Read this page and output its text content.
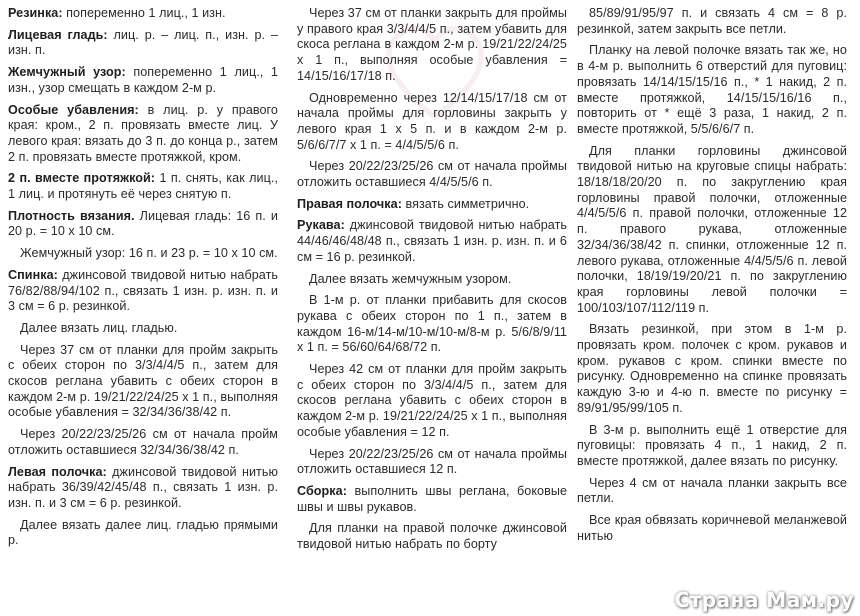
Резинка: попеременно 1 лиц., 1 изн.

Лицевая гладь: лиц. р. – лиц. п., изн. р. – изн. п.

Жемчужный узор: попеременно 1 лиц., 1 изн., узор смещать в каждом 2-м р.

Особые убавления: в лиц. р. у правого края: кром., 2 п. провязать вместе лиц. У левого края: вязать до 3 п. до конца р., затем 2 п. провязать вместе протяжкой, кром.

2 п. вместе протяжкой: 1 п. снять, как лиц., 1 лиц. и протянуть её через снятую п.

Плотность вязания. Лицевая гладь: 16 п. и 20 р. = 10 х 10 см.

Жемчужный узор: 16 п. и 23 р. = 10 х 10 см.

Спинка: джинсовой твидовой нитью набрать 76/82/88/94/102 п., связать 1 изн. р. изн. п. и 3 см = 6 р. резинкой.

Далее вязать лиц. гладью.

Через 37 см от планки для пройм закрыть с обеих сторон по 3/3/4/4/5 п., затем для скосов реглана убавить с обеих сторон в каждом 2-м р. 19/21/22/24/25 х 1 п., выполняя особые убавления = 32/34/36/38/42 п.

Через 20/22/23/25/26 см от начала пройм отложить оставшиеся 32/34/36/38/42 п.

Левая полочка: джинсовой твидовой нитью набрать 36/39/42/45/48 п., связать 1 изн. р. изн. п. и 3 см = 6 р. резинкой.

Далее вязать далее лиц. гладью прямыми р.

Через 37 см от планки закрыть для проймы у правого края 3/3/4/4/5 п., затем убавить для скоса реглана в каждом 2-м р. 19/21/22/24/25 х 1 п., выполняя особые убавления = 14/15/16/17/18 п.

Одновременно через 12/14/15/17/18 см от начала проймы для горловины закрыть у левого края 1 х 5 п. и в каждом 2-м р. 5/6/6/7/7 х 1 п. = 4/4/5/5/6 п.

Через 20/22/23/25/26 см от начала проймы отложить оставшиеся 4/4/5/5/6 п.

Правая полочка: вязать симметрично.

Рукава: джинсовой твидовой нитью набрать 44/46/46/48/48 п., связать 1 изн. р. изн. п. и 6 см = 16 р. резинкой.

Далее вязать жемчужным узором.

В 1-м р. от планки прибавить для скосов рукава с обеих сторон по 1 п., затем в каждом 16-м/14-м/10-м/10-м/8-м р. 5/6/8/9/11 х 1 п. = 56/60/64/68/72 п.

Через 42 см от планки для пройм закрыть с обеих сторон по 3/3/4/4/5 п., затем для скосов реглана убавить с обеих сторон в каждом 2-м р. 19/21/22/24/25 х 1 п., выполняя особые убавления = 12 п.

Через 20/22/23/25/26 см от начала проймы отложить оставшиеся 12 п.

Сборка: выполнить швы реглана, боковые швы и швы рукавов.

Для планки на правой полочке джинсовой твидовой нитью набрать по борту

85/89/91/95/97 п. и связать 4 см = 8 р. резинкой, затем закрыть все петли.

Планку на левой полочке вязать так же, но в 4-м р. выполнить 6 отверстий для пуговиц: провязать 14/14/15/15/16 п., * 1 накид, 2 п. вместе протяжкой, 14/15/15/16/16 п., повторить от * ещё 3 раза, 1 накид, 2 п. вместе протяжкой, 5/5/6/6/7 п.

Для планки горловины джинсовой твидовой нитью на круговые спицы набрать: 18/18/18/20/20 п. по закруглению края горловины правой полочки, отложенные 4/4/5/5/6 п. правой полочки, отложенные 12 п. правого рукава, отложенные 32/34/36/38/42 п. спинки, отложенные 12 п. левого рукава, отложенные 4/4/5/5/6 п. левой полочки, 18/19/19/20/21 п. по закруглению края горловины левой полочки = 100/103/107/112/119 п.

Вязать резинкой, при этом в 1-м р. провязать кром. полочек с кром. рукавов и кром. рукавов с кром. спинки вместе по рисунку. Одновременно на спинке провязать каждую 3-ю и 4-ю п. вместе по рисунку = 89/91/95/99/105 п.

В 3-м р. выполнить ещё 1 отверстие для пуговицы: провязать 4 п., 1 накид, 2 п. вместе протяжкой, далее вязать по рисунку.

Через 4 см от начала планки закрыть все петли.

Все края обвязать коричневой меланжевой нитью

Страна Мам.ру
